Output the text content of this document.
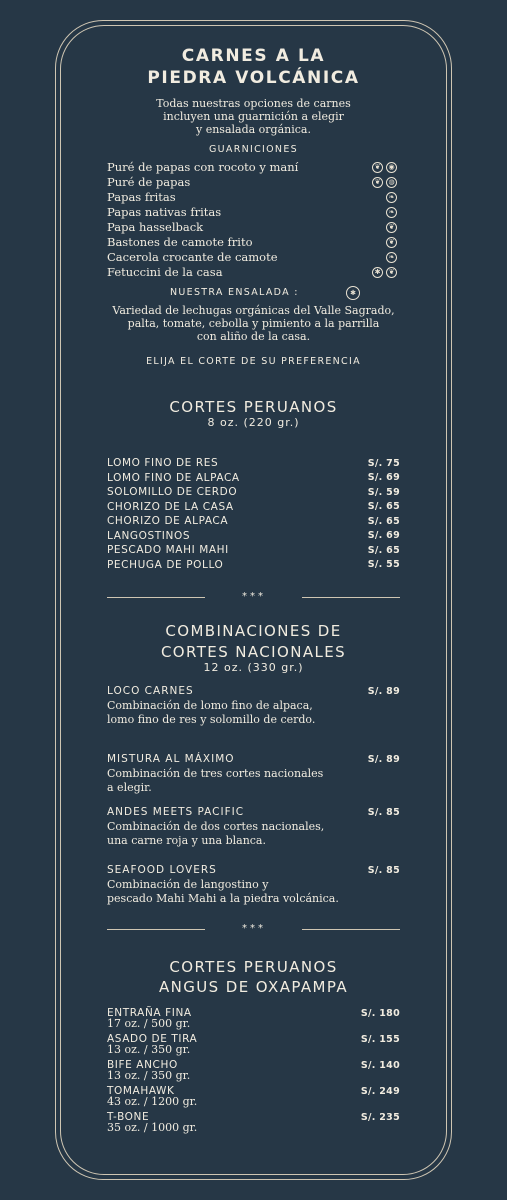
CARNES A LA
PIEDRA VOLCÁNICA
Todas nuestras opciones de carnes
incluyen una guarnición a elegir
y ensalada orgánica.
GUARNICIONES
Puré de papas con rocoto y maní	❦	◉
Puré de papas	❦	◍
Papas fritas	❧
Papas nativas fritas	❧
Papa hasselback	❦
Bastones de camote frito	❦
Cacerola crocante de camote	❧
Fetuccini de la casa	✱	❦
NUESTRA ENSALADA :	✱
Variedad de lechugas orgánicas del Valle Sagrado,
palta, tomate, cebolla y pimiento a la parrilla
con aliño de la casa.
ELIJA EL CORTE DE SU PREFERENCIA
CORTES PERUANOS
8 oz. (220 gr.)
LOMO FINO DE RES	S/. 75
LOMO FINO DE ALPACA	S/. 69
SOLOMILLO DE CERDO	S/. 59
CHORIZO DE LA CASA	S/. 65
CHORIZO DE ALPACA	S/. 65
LANGOSTINOS	S/. 69
PESCADO MAHI MAHI	S/. 65
PECHUGA DE POLLO	S/. 55
***
COMBINACIONES DE
CORTES NACIONALES
12 oz. (330 gr.)
LOCO CARNES	S/. 89
Combinación de lomo fino de alpaca,
lomo fino de res y solomillo de cerdo.
MISTURA AL MÁXIMO	S/. 89
Combinación de tres cortes nacionales
a elegir.
ANDES MEETS PACIFIC	S/. 85
Combinación de dos cortes nacionales,
una carne roja y una blanca.
SEAFOOD LOVERS	S/. 85
Combinación de langostino y
pescado Mahi Mahi a la piedra volcánica.
***
CORTES PERUANOS
ANGUS DE OXAPAMPA
ENTRAÑA FINA	S/. 180
17 oz. / 500 gr.
ASADO DE TIRA	S/. 155
13 oz. / 350 gr.
BIFE ANCHO	S/. 140
13 oz. / 350 gr.
TOMAHAWK	S/. 249
43 oz. / 1200 gr.
T-BONE	S/. 235
35 oz. / 1000 gr.
